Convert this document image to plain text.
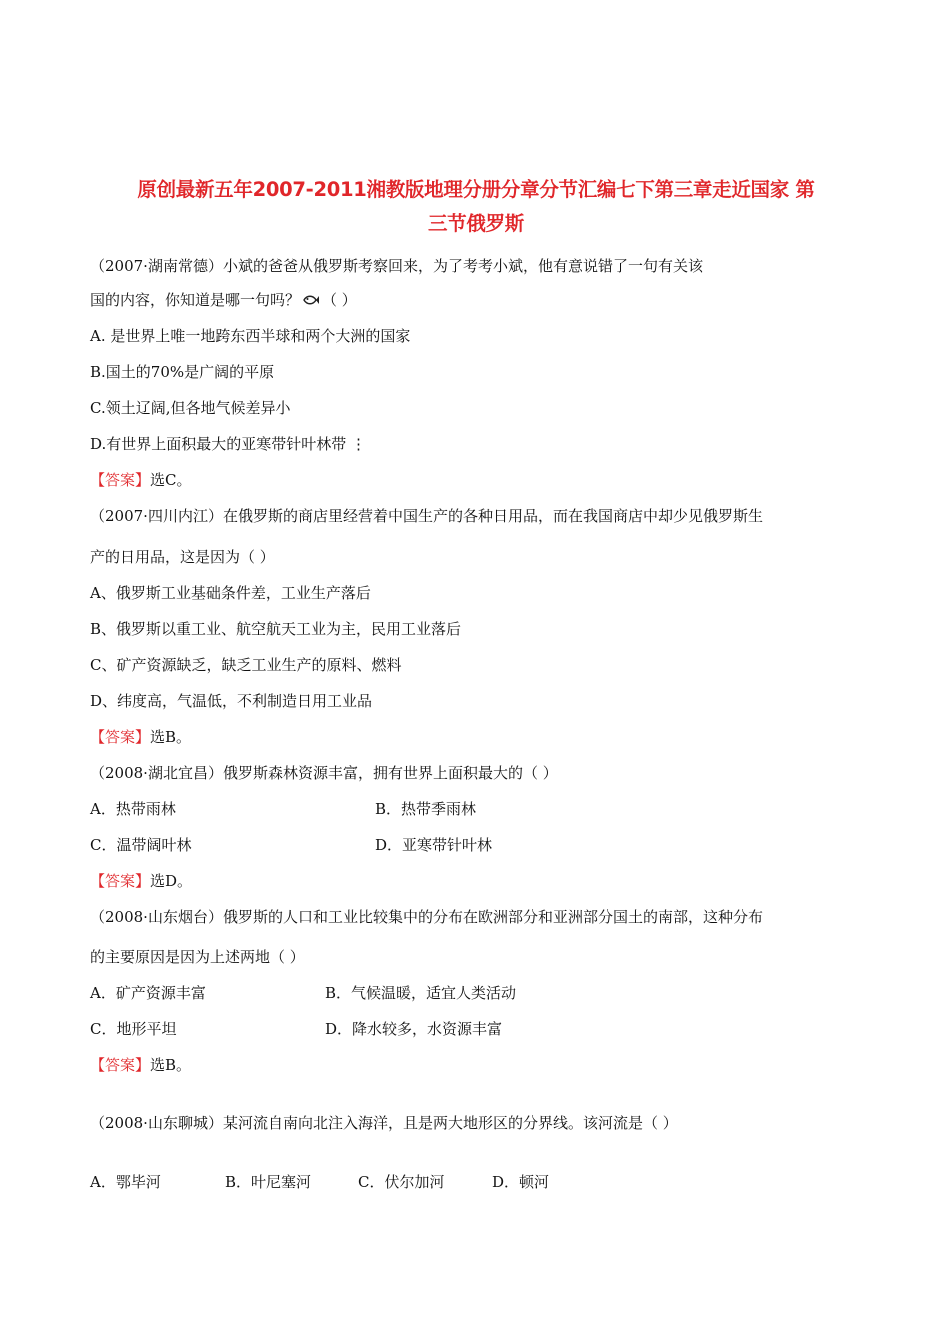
原创最新五年2007-2011湘教版地理分册分章分节汇编七下第三章走近国家 第
三节俄罗斯
（2007·湖南常德）小斌的爸爸从俄罗斯考察回来，为了考考小斌，他有意说错了一句有关该
国的内容，你知道是哪一句吗？ （ ）
A. 是世界上唯一地跨东西半球和两个大洲的国家
B.国土的70%是广阔的平原
C.领土辽阔,但各地气候差异小
D.有世界上面积最大的亚寒带针叶林带 ⋮
【答案】选C。
（2007·四川内江）在俄罗斯的商店里经营着中国生产的各种日用品，而在我国商店中却少见俄罗斯生
产的日用品，这是因为（ ）
A、俄罗斯工业基础条件差，工业生产落后
B、俄罗斯以重工业、航空航天工业为主，民用工业落后
C、矿产资源缺乏，缺乏工业生产的原料、燃料
D、纬度高，气温低，不利制造日用工业品
【答案】选B。
（2008·湖北宜昌）俄罗斯森林资源丰富，拥有世界上面积最大的（ ）
A．热带雨林	B．热带季雨林
C．温带阔叶林	D．亚寒带针叶林
【答案】选D。
（2008·山东烟台）俄罗斯的人口和工业比较集中的分布在欧洲部分和亚洲部分国土的南部，这种分布
的主要原因是因为上述两地（ ）
A．矿产资源丰富	B．气候温暖，适宜人类活动
C．地形平坦	D．降水较多，水资源丰富
【答案】选B。
（2008·山东聊城）某河流自南向北注入海洋，且是两大地形区的分界线。该河流是（ ）
A．鄂毕河	B．叶尼塞河	C．伏尔加河	D．顿河
